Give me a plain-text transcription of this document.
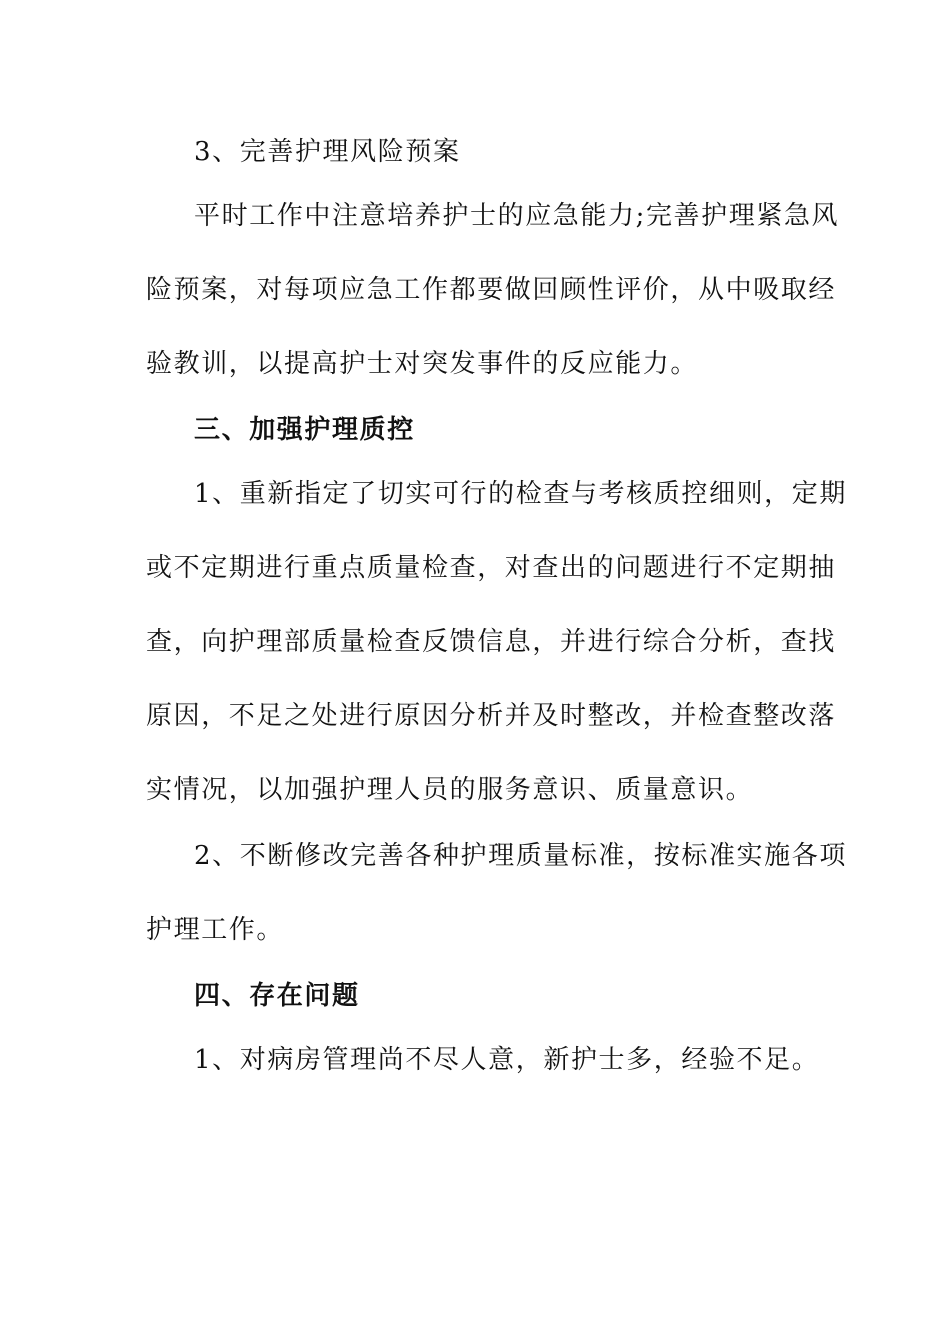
3、完善护理风险预案
平时工作中注意培养护士的应急能力;完善护理紧急风
险预案，对每项应急工作都要做回顾性评价，从中吸取经
验教训，以提高护士对突发事件的反应能力。
三、加强护理质控
1、重新指定了切实可行的检查与考核质控细则，定期
或不定期进行重点质量检查，对查出的问题进行不定期抽
查，向护理部质量检查反馈信息，并进行综合分析，查找
原因，不足之处进行原因分析并及时整改，并检查整改落
实情况，以加强护理人员的服务意识、质量意识。
2、不断修改完善各种护理质量标准，按标准实施各项
护理工作。
四、存在问题
1、对病房管理尚不尽人意，新护士多，经验不足。
